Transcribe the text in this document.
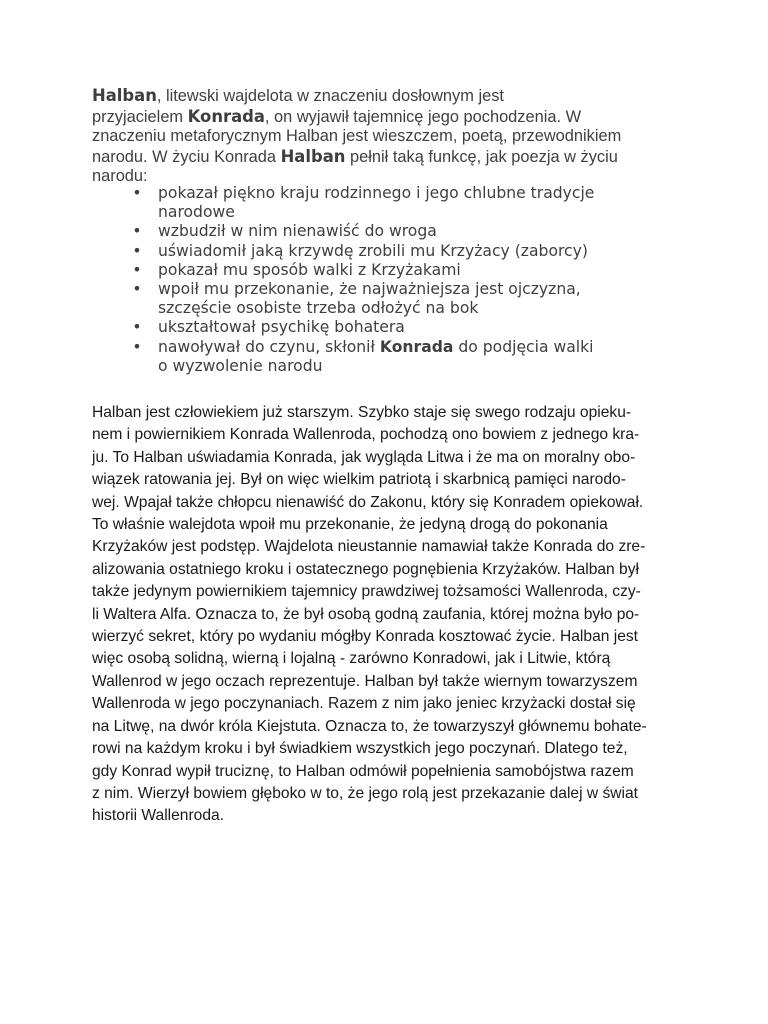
Halban, litewski wajdelota w znaczeniu dosłownym jest
przyjacielem Konrada, on wyjawił tajemnicę jego pochodzenia. W
znaczeniu metaforycznym Halban jest wieszczem, poetą, przewodnikiem
narodu. W życiu Konrada Halban pełnił taką funkcę, jak poezja w życiu
narodu:
• pokazał piękno kraju rodzinnego i jego chlubne tradycje
narodowe
• wzbudził w nim nienawiść do wroga
• uświadomił jaką krzywdę zrobili mu Krzyżacy (zaborcy)
• pokazał mu sposób walki z Krzyżakami
• wpoił mu przekonanie, że najważniejsza jest ojczyzna,
szczęście osobiste trzeba odłożyć na bok
• ukształtował psychikę bohatera
• nawoływał do czynu, skłonił Konrada do podjęcia walki
o wyzwolenie narodu
Halban jest człowiekiem już starszym. Szybko staje się swego rodzaju opieku-
nem i powiernikiem Konrada Wallenroda, pochodzą ono bowiem z jednego kra-
ju. To Halban uświadamia Konrada, jak wygląda Litwa i że ma on moralny obo-
wiązek ratowania jej. Był on więc wielkim patriotą i skarbnicą pamięci narodo-
wej. Wpajał także chłopcu nienawiść do Zakonu, który się Konradem opiekował.
To właśnie walejdota wpoił mu przekonanie, że jedyną drogą do pokonania
Krzyżaków jest podstęp. Wajdelota nieustannie namawiał także Konrada do zre-
alizowania ostatniego kroku i ostatecznego pognębienia Krzyżaków. Halban był
także jedynym powiernikiem tajemnicy prawdziwej tożsamości Wallenroda, czy-
li Waltera Alfa. Oznacza to, że był osobą godną zaufania, której można było po-
wierzyć sekret, który po wydaniu mógłby Konrada kosztować życie. Halban jest
więc osobą solidną, wierną i lojalną - zarówno Konradowi, jak i Litwie, którą
Wallenrod w jego oczach reprezentuje. Halban był także wiernym towarzyszem
Wallenroda w jego poczynaniach. Razem z nim jako jeniec krzyżacki dostał się
na Litwę, na dwór króla Kiejstuta. Oznacza to, że towarzyszył głównemu bohate-
rowi na każdym kroku i był świadkiem wszystkich jego poczynań. Dlatego też,
gdy Konrad wypił truciznę, to Halban odmówił popełnienia samobójstwa razem
z nim. Wierzył bowiem głęboko w to, że jego rolą jest przekazanie dalej w świat
historii Wallenroda.
